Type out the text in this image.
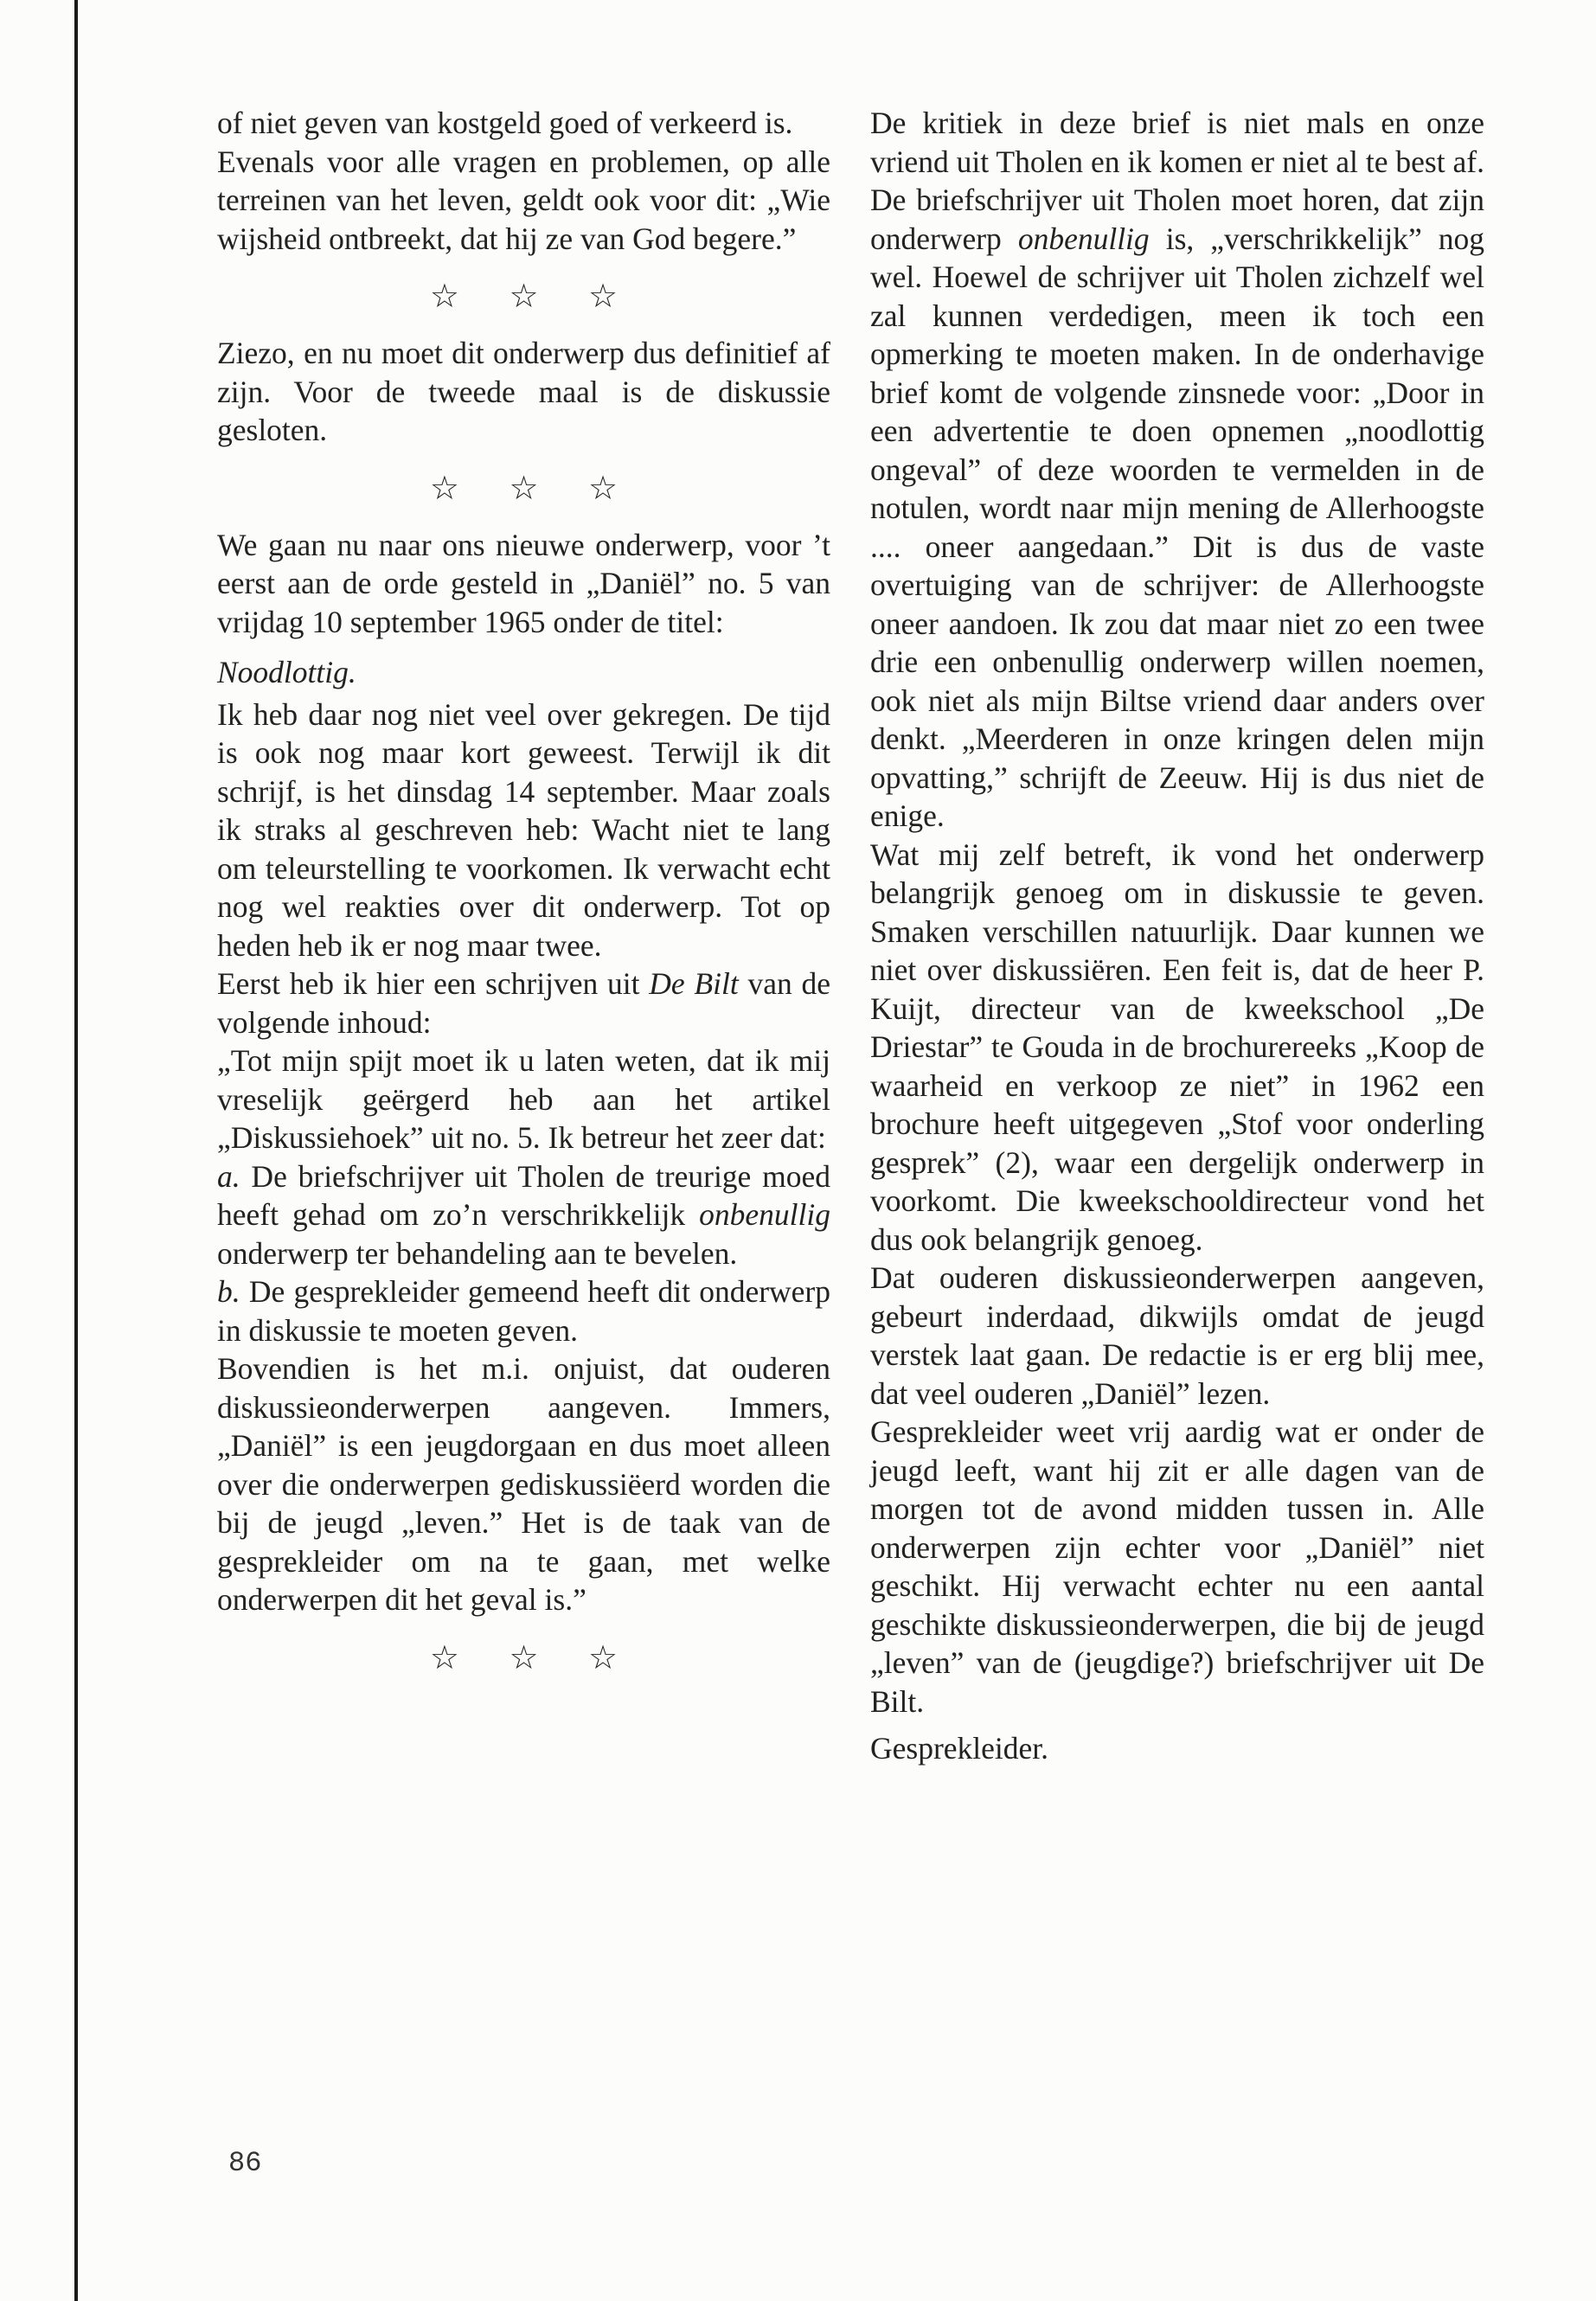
of niet geven van kostgeld goed of verkeerd is.

Evenals voor alle vragen en problemen, op alle terreinen van het leven, geldt ook voor dit: „Wie wijsheid ontbreekt, dat hij ze van God begere.”

☆ ☆ ☆

Ziezo, en nu moet dit onderwerp dus definitief af zijn. Voor de tweede maal is de diskussie gesloten.

☆ ☆ ☆

We gaan nu naar ons nieuwe onderwerp, voor ’t eerst aan de orde gesteld in „Daniël” no. 5 van vrijdag 10 september 1965 onder de titel:

Noodlottig.

Ik heb daar nog niet veel over gekregen. De tijd is ook nog maar kort geweest. Terwijl ik dit schrijf, is het dinsdag 14 september. Maar zoals ik straks al geschreven heb: Wacht niet te lang om teleurstelling te voorkomen. Ik verwacht echt nog wel reakties over dit onderwerp. Tot op heden heb ik er nog maar twee.

Eerst heb ik hier een schrijven uit De Bilt van de volgende inhoud:

„Tot mijn spijt moet ik u laten weten, dat ik mij vreselijk geërgerd heb aan het artikel „Diskussiehoek” uit no. 5. Ik betreur het zeer dat:

a. De briefschrijver uit Tholen de treurige moed heeft gehad om zo’n verschrikkelijk onbenullig onderwerp ter behandeling aan te bevelen.

b. De gesprekleider gemeend heeft dit onderwerp in diskussie te moeten geven.

Bovendien is het m.i. onjuist, dat ouderen diskussieonderwerpen aangeven. Immers, „Daniël” is een jeugdorgaan en dus moet alleen over die onderwerpen gediskussiëerd worden die bij de jeugd „leven.” Het is de taak van de gesprekleider om na te gaan, met welke onderwerpen dit het geval is.”

☆ ☆ ☆

De kritiek in deze brief is niet mals en onze vriend uit Tholen en ik komen er niet al te best af. De briefschrijver uit Tholen moet horen, dat zijn onderwerp onbenullig is, „verschrikkelijk” nog wel. Hoewel de schrijver uit Tholen zichzelf wel zal kunnen verdedigen, meen ik toch een opmerking te moeten maken. In de onderhavige brief komt de volgende zinsnede voor: „Door in een advertentie te doen opnemen „noodlottig ongeval” of deze woorden te vermelden in de notulen, wordt naar mijn mening de Allerhoogste .... oneer aangedaan.” Dit is dus de vaste overtuiging van de schrijver: de Allerhoogste oneer aandoen. Ik zou dat maar niet zo een twee drie een onbenullig onderwerp willen noemen, ook niet als mijn Biltse vriend daar anders over denkt. „Meerderen in onze kringen delen mijn opvatting,” schrijft de Zeeuw. Hij is dus niet de enige.

Wat mij zelf betreft, ik vond het onderwerp belangrijk genoeg om in diskussie te geven. Smaken verschillen natuurlijk. Daar kunnen we niet over diskussiëren. Een feit is, dat de heer P. Kuijt, directeur van de kweekschool „De Driestar” te Gouda in de brochurereeks „Koop de waarheid en verkoop ze niet” in 1962 een brochure heeft uitgegeven „Stof voor onderling gesprek” (2), waar een dergelijk onderwerp in voorkomt. Die kweekschooldirecteur vond het dus ook belangrijk genoeg.

Dat ouderen diskussieonderwerpen aangeven, gebeurt inderdaad, dikwijls omdat de jeugd verstek laat gaan. De redactie is er erg blij mee, dat veel ouderen „Daniël” lezen.

Gesprekleider weet vrij aardig wat er onder de jeugd leeft, want hij zit er alle dagen van de morgen tot de avond midden tussen in. Alle onderwerpen zijn echter voor „Daniël” niet geschikt. Hij verwacht echter nu een aantal geschikte diskussieonderwerpen, die bij de jeugd „leven” van de (jeugdige?) briefschrijver uit De Bilt.

Gesprekleider.

86
